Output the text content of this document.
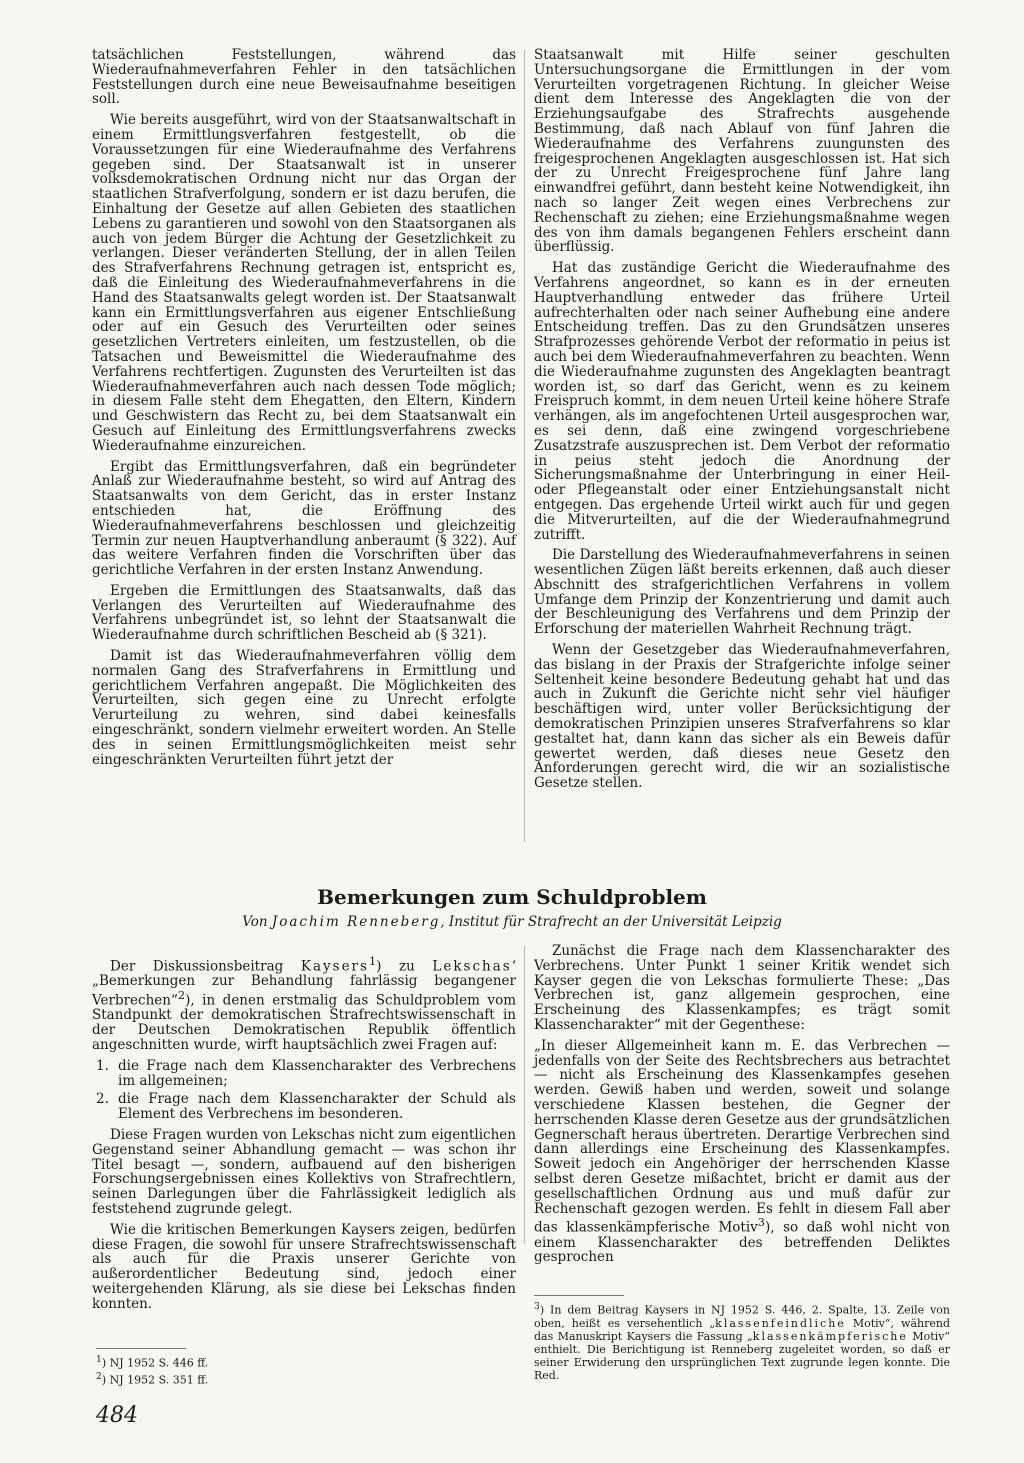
tatsächlichen Feststellungen, während das Wiederaufnahmeverfahren Fehler in den tatsächlichen Feststellungen durch eine neue Beweisaufnahme beseitigen soll.

Wie bereits ausgeführt, wird von der Staatsanwaltschaft in einem Ermittlungsverfahren festgestellt, ob die Voraussetzungen für eine Wiederaufnahme des Verfahrens gegeben sind. Der Staatsanwalt ist in unserer volksdemokratischen Ordnung nicht nur das Organ der staatlichen Strafverfolgung, sondern er ist dazu berufen, die Einhaltung der Gesetze auf allen Gebieten des staatlichen Lebens zu garantieren und sowohl von den Staatsorganen als auch von jedem Bürger die Achtung der Gesetzlichkeit zu verlangen. Dieser veränderten Stellung, der in allen Teilen des Strafverfahrens Rechnung getragen ist, entspricht es, daß die Einleitung des Wiederaufnahmeverfahrens in die Hand des Staatsanwalts gelegt worden ist. Der Staatsanwalt kann ein Ermittlungsverfahren aus eigener Entschließung oder auf ein Gesuch des Verurteilten oder seines gesetzlichen Vertreters einleiten, um festzustellen, ob die Tatsachen und Beweismittel die Wiederaufnahme des Verfahrens rechtfertigen. Zugunsten des Verurteilten ist das Wiederaufnahmeverfahren auch nach dessen Tode möglich; in diesem Falle steht dem Ehegatten, den Eltern, Kindern und Geschwistern das Recht zu, bei dem Staatsanwalt ein Gesuch auf Einleitung des Ermittlungsverfahrens zwecks Wiederaufnahme einzureichen.

Ergibt das Ermittlungsverfahren, daß ein begründeter Anlaß zur Wiederaufnahme besteht, so wird auf Antrag des Staatsanwalts von dem Gericht, das in erster Instanz entschieden hat, die Eröffnung des Wiederaufnahmeverfahrens beschlossen und gleichzeitig Termin zur neuen Hauptverhandlung anberaumt (§ 322). Auf das weitere Verfahren finden die Vorschriften über das gerichtliche Verfahren in der ersten Instanz Anwendung.

Ergeben die Ermittlungen des Staatsanwalts, daß das Verlangen des Verurteilten auf Wiederaufnahme des Verfahrens unbegründet ist, so lehnt der Staatsanwalt die Wiederaufnahme durch schriftlichen Bescheid ab (§ 321).

Damit ist das Wiederaufnahmeverfahren völlig dem normalen Gang des Strafverfahrens in Ermittlung und gerichtlichem Verfahren angepaßt. Die Möglichkeiten des Verurteilten, sich gegen eine zu Unrecht erfolgte Verurteilung zu wehren, sind dabei keinesfalls eingeschränkt, sondern vielmehr erweitert worden. An Stelle des in seinen Ermittlungsmöglichkeiten meist sehr eingeschränkten Verurteilten führt jetzt der

Staatsanwalt mit Hilfe seiner geschulten Untersuchungsorgane die Ermittlungen in der vom Verurteilten vorgetragenen Richtung. In gleicher Weise dient dem Interesse des Angeklagten die von der Erziehungsaufgabe des Strafrechts ausgehende Bestimmung, daß nach Ablauf von fünf Jahren die Wiederaufnahme des Verfahrens zuungunsten des freigesprochenen Angeklagten ausgeschlossen ist. Hat sich der zu Unrecht Freigesprochene fünf Jahre lang einwandfrei geführt, dann besteht keine Notwendigkeit, ihn nach so langer Zeit wegen eines Verbrechens zur Rechenschaft zu ziehen; eine Erziehungsmaßnahme wegen des von ihm damals begangenen Fehlers erscheint dann überflüssig.

Hat das zuständige Gericht die Wiederaufnahme des Verfahrens angeordnet, so kann es in der erneuten Hauptverhandlung entweder das frühere Urteil aufrechterhalten oder nach seiner Aufhebung eine andere Entscheidung treffen. Das zu den Grundsätzen unseres Strafprozesses gehörende Verbot der reformatio in peius ist auch bei dem Wiederaufnahmeverfahren zu beachten. Wenn die Wiederaufnahme zugunsten des Angeklagten beantragt worden ist, so darf das Gericht, wenn es zu keinem Freispruch kommt, in dem neuen Urteil keine höhere Strafe verhängen, als im angefochtenen Urteil ausgesprochen war, es sei denn, daß eine zwingend vorgeschriebene Zusatzstrafe auszusprechen ist. Dem Verbot der reformatio in peius steht jedoch die Anordnung der Sicherungsmaßnahme der Unterbringung in einer Heil- oder Pflegeanstalt oder einer Entziehungsanstalt nicht entgegen. Das ergehende Urteil wirkt auch für und gegen die Mitverurteilten, auf die der Wiederaufnahmegrund zutrifft.

Die Darstellung des Wiederaufnahmeverfahrens in seinen wesentlichen Zügen läßt bereits erkennen, daß auch dieser Abschnitt des strafgerichtlichen Verfahrens in vollem Umfange dem Prinzip der Konzentrierung und damit auch der Beschleunigung des Verfahrens und dem Prinzip der Erforschung der materiellen Wahrheit Rechnung trägt.

Wenn der Gesetzgeber das Wiederaufnahmeverfahren, das bislang in der Praxis der Strafgerichte infolge seiner Seltenheit keine besondere Bedeutung gehabt hat und das auch in Zukunft die Gerichte nicht sehr viel häufiger beschäftigen wird, unter voller Berücksichtigung der demokratischen Prinzipien unseres Strafverfahrens so klar gestaltet hat, dann kann das sicher als ein Beweis dafür gewertet werden, daß dieses neue Gesetz den Anforderungen gerecht wird, die wir an sozialistische Gesetze stellen.

Bemerkungen zum Schuldproblem
Von Joachim Renneberg, Institut für Strafrecht an der Universität Leipzig

Der Diskussionsbeitrag Kaysers$^1$) zu Lekschas‘ „Bemerkungen zur Behandlung fahrlässig begangener Verbrechen“$^2$), in denen erstmalig das Schuldproblem vom Standpunkt der demokratischen Strafrechtswissenschaft in der Deutschen Demokratischen Republik öffentlich angeschnitten wurde, wirft hauptsächlich zwei Fragen auf:

1. die Frage nach dem Klassencharakter des Verbrechens im allgemeinen;
2. die Frage nach dem Klassencharakter der Schuld als Element des Verbrechens im besonderen.

Diese Fragen wurden von Lekschas nicht zum eigentlichen Gegenstand seiner Abhandlung gemacht — was schon ihr Titel besagt —, sondern, aufbauend auf den bisherigen Forschungsergebnissen eines Kollektivs von Strafrechtlern, seinen Darlegungen über die Fahrlässigkeit lediglich als feststehend zugrunde gelegt.

Wie die kritischen Bemerkungen Kaysers zeigen, bedürfen diese Fragen, die sowohl für unsere Strafrechtswissenschaft als auch für die Praxis unserer Gerichte von außerordentlicher Bedeutung sind, jedoch einer weitergehenden Klärung, als sie diese bei Lekschas finden konnten.

Zunächst die Frage nach dem Klassencharakter des Verbrechens. Unter Punkt 1 seiner Kritik wendet sich Kayser gegen die von Lekschas formulierte These: „Das Verbrechen ist, ganz allgemein gesprochen, eine Erscheinung des Klassenkampfes; es trägt somit Klassencharakter“ mit der Gegenthese:

„In dieser Allgemeinheit kann m. E. das Verbrechen — jedenfalls von der Seite des Rechtsbrechers aus betrachtet — nicht als Erscheinung des Klassenkampfes gesehen werden. Gewiß haben und werden, soweit und solange verschiedene Klassen bestehen, die Gegner der herrschenden Klasse deren Gesetze aus der grundsätzlichen Gegnerschaft heraus übertreten. Derartige Verbrechen sind dann allerdings eine Erscheinung des Klassenkampfes. Soweit jedoch ein Angehöriger der herrschenden Klasse selbst deren Gesetze mißachtet, bricht er damit aus der gesellschaftlichen Ordnung aus und muß dafür zur Rechenschaft gezogen werden. Es fehlt in diesem Fall aber das klassenkämpferische Motiv$^3$), so daß wohl nicht von einem Klassencharakter des betreffenden Deliktes gesprochen

$^3$) In dem Beitrag Kaysers in NJ 1952 S. 446, 2. Spalte, 13. Zeile von oben, heißt es versehentlich „klassenfeindliche Motiv“, während das Manuskript Kaysers die Fassung „klassenkämpferische Motiv“ enthielt. Die Berichtigung ist Renneberg zugeleitet worden, so daß er seiner Erwiderung den ursprünglichen Text zugrunde legen konnte. Die Red.
$^1$) NJ 1952 S. 446 ff.
$^2$) NJ 1952 S. 351 ff.
484
